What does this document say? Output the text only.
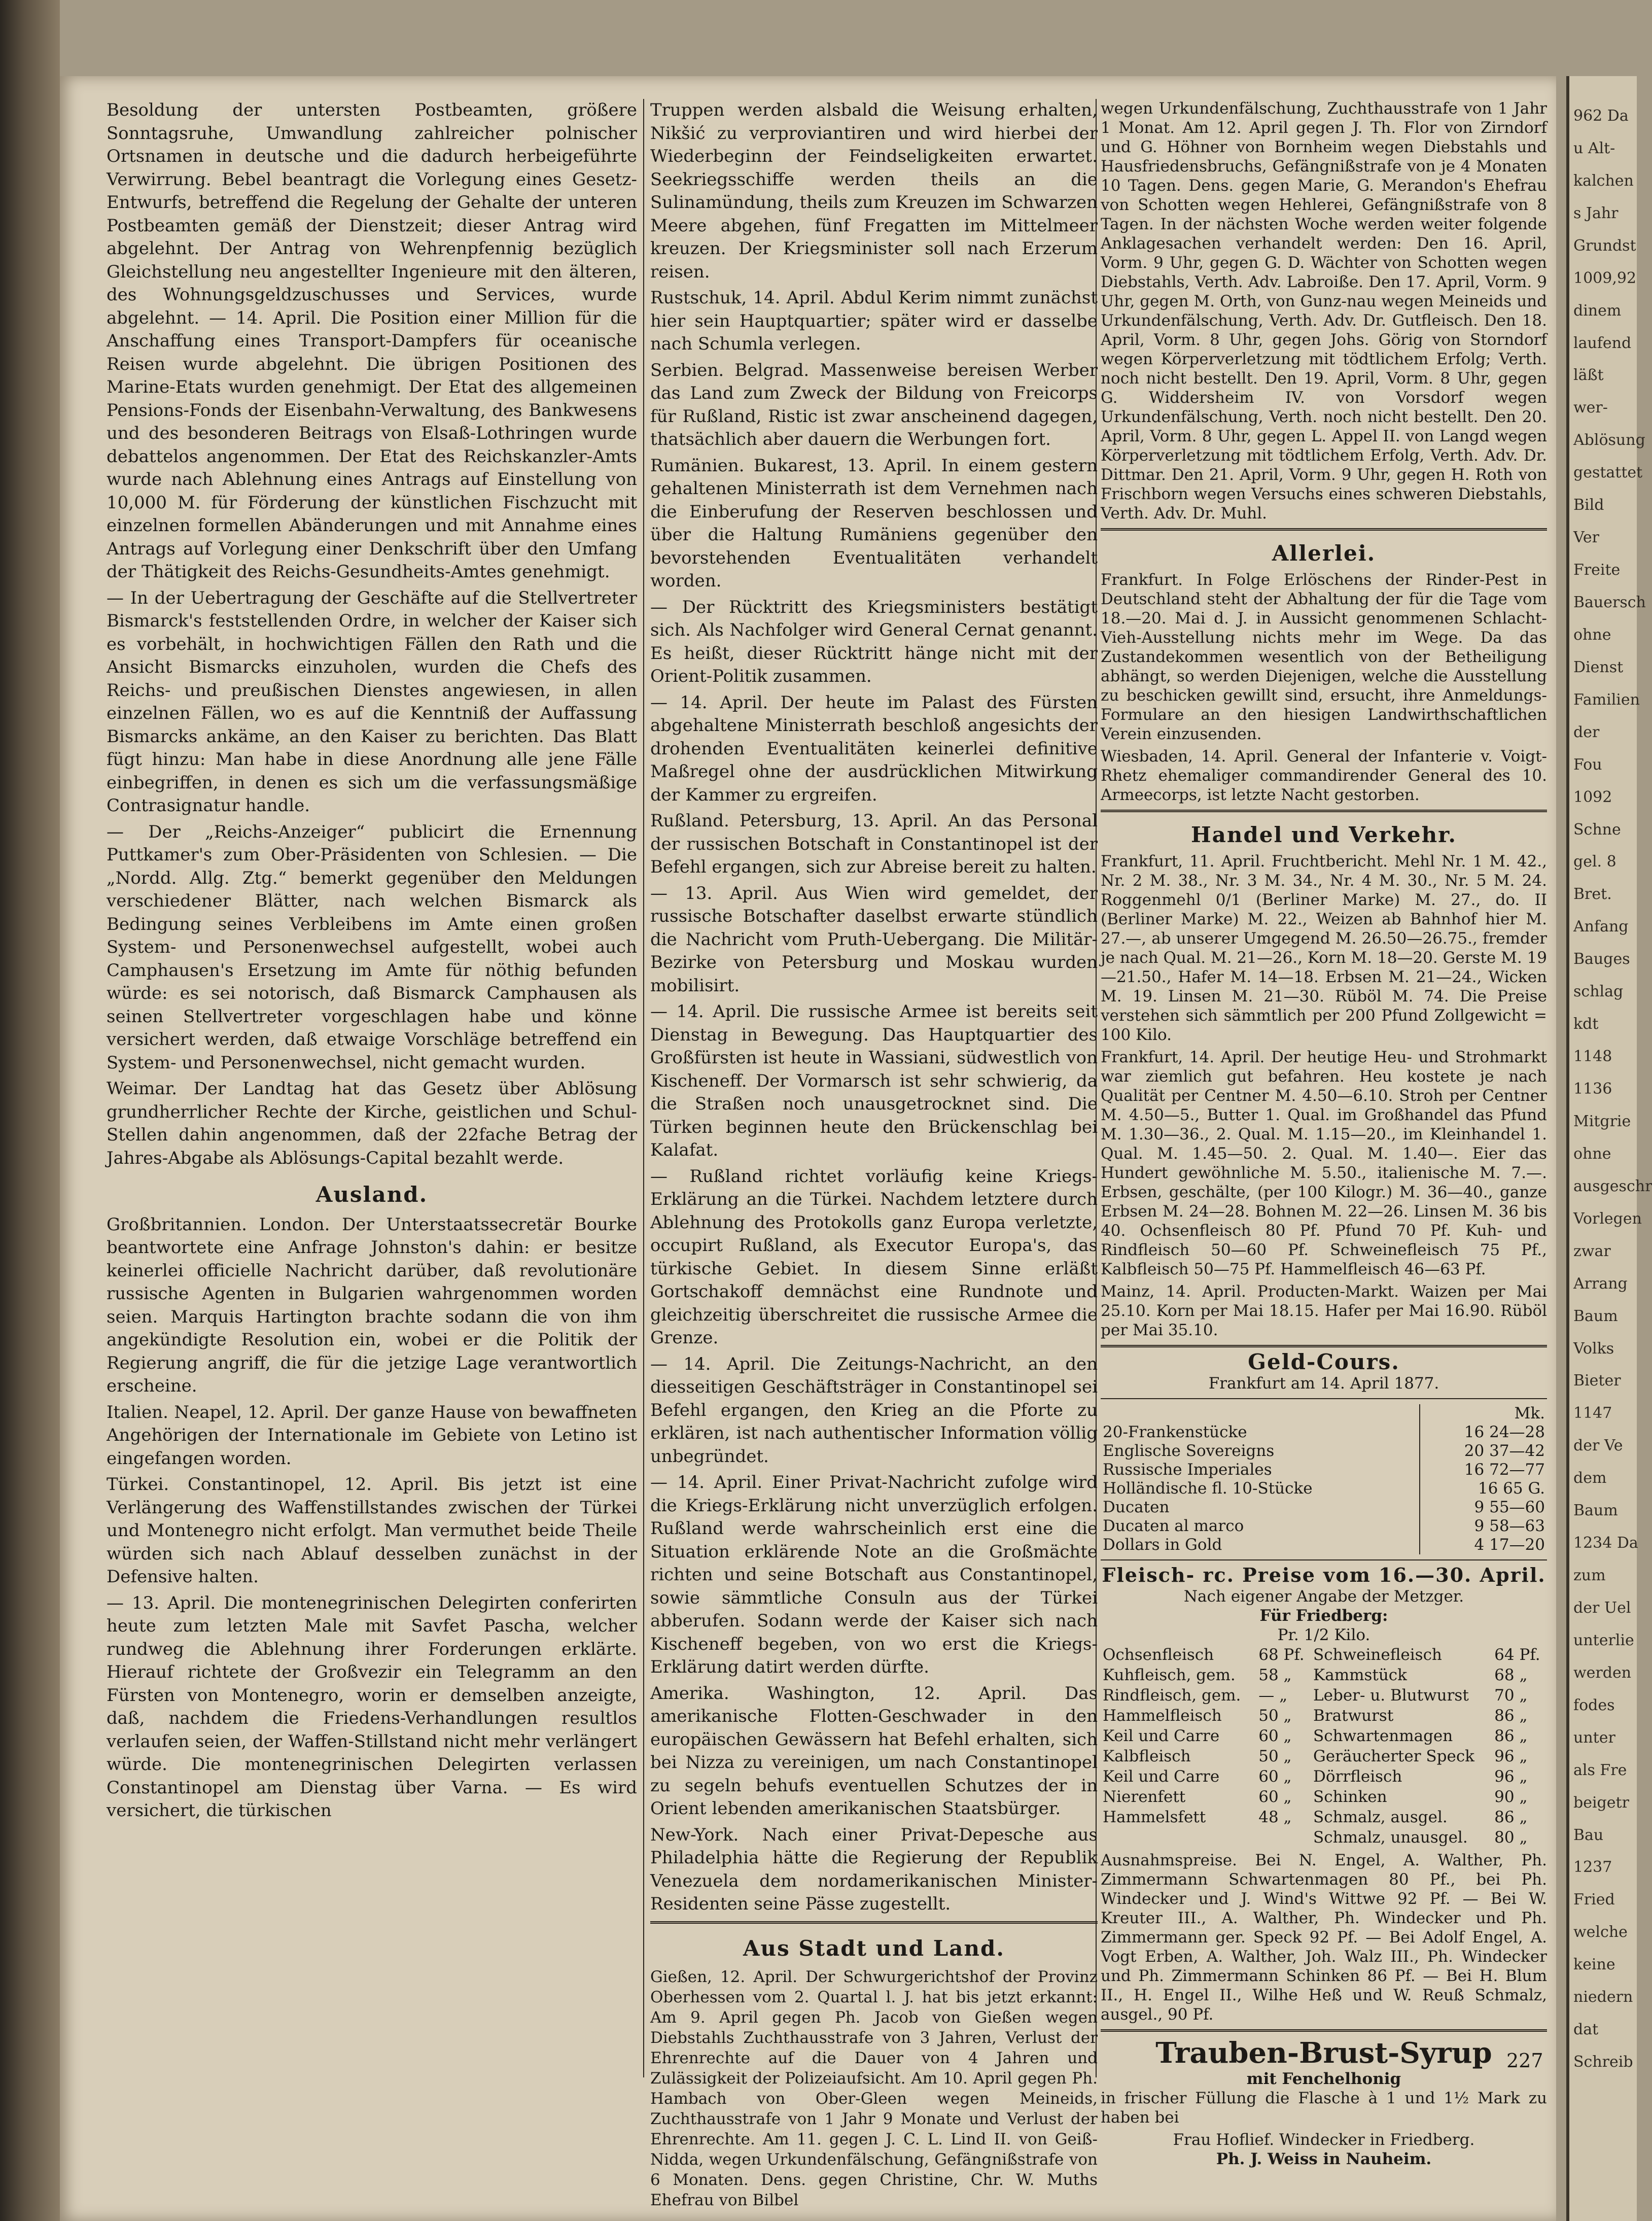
Besoldung der untersten Postbeamten, größere Sonntagsruhe, Umwandlung zahlreicher polnischer Ortsnamen in deutsche und die dadurch herbeigeführte Verwirrung. Bebel beantragt die Vorlegung eines Gesetz-Entwurfs, betreffend die Regelung der Gehalte der unteren Postbeamten gemäß der Dienstzeit; dieser Antrag wird abgelehnt. Der Antrag von Wehrenpfennig bezüglich Gleichstellung neu angestellter Ingenieure mit den älteren, des Wohnungsgeldzuschusses und Services, wurde abgelehnt. — 14. April. Die Position einer Million für die Anschaffung eines Transport-Dampfers für oceanische Reisen wurde abgelehnt. Die übrigen Positionen des Marine-Etats wurden genehmigt. Der Etat des allgemeinen Pensions-Fonds der Eisenbahn-Verwaltung, des Bankwesens und des besonderen Beitrags von Elsaß-Lothringen wurde debattelos angenommen. Der Etat des Reichskanzler-Amts wurde nach Ablehnung eines Antrags auf Einstellung von 10,000 M. für Förderung der künstlichen Fischzucht mit einzelnen formellen Abänderungen und mit Annahme eines Antrags auf Vorlegung einer Denkschrift über den Umfang der Thätigkeit des Reichs-Gesundheits-Amtes genehmigt.

— In der Uebertragung der Geschäfte auf die Stellvertreter Bismarck's feststellenden Ordre, in welcher der Kaiser sich es vorbehält, in hochwichtigen Fällen den Rath und die Ansicht Bismarcks einzuholen, wurden die Chefs des Reichs- und preußischen Dienstes angewiesen, in allen einzelnen Fällen, wo es auf die Kenntniß der Auffassung Bismarcks ankäme, an den Kaiser zu berichten. Das Blatt fügt hinzu: Man habe in diese Anordnung alle jene Fälle einbegriffen, in denen es sich um die verfassungsmäßige Contrasignatur handle.

— Der „Reichs-Anzeiger“ publicirt die Ernennung Puttkamer's zum Ober-Präsidenten von Schlesien. — Die „Nordd. Allg. Ztg.“ bemerkt gegenüber den Meldungen verschiedener Blätter, nach welchen Bismarck als Bedingung seines Verbleibens im Amte einen großen System- und Personenwechsel aufgestellt, wobei auch Camphausen's Ersetzung im Amte für nöthig befunden würde: es sei notorisch, daß Bismarck Camphausen als seinen Stellvertreter vorgeschlagen habe und könne versichert werden, daß etwaige Vorschläge betreffend ein System- und Personenwechsel, nicht gemacht wurden.

Weimar. Der Landtag hat das Gesetz über Ablösung grundherrlicher Rechte der Kirche, geistlichen und Schul-Stellen dahin angenommen, daß der 22fache Betrag der Jahres-Abgabe als Ablösungs-Capital bezahlt werde.

Ausland.

Großbritannien. London. Der Unterstaatssecretär Bourke beantwortete eine Anfrage Johnston's dahin: er besitze keinerlei officielle Nachricht darüber, daß revolutionäre russische Agenten in Bulgarien wahrgenommen worden seien. Marquis Hartington brachte sodann die von ihm angekündigte Resolution ein, wobei er die Politik der Regierung angriff, die für die jetzige Lage verantwortlich erscheine.

Italien. Neapel, 12. April. Der ganze Hause von bewaffneten Angehörigen der Internationale im Gebiete von Letino ist eingefangen worden.

Türkei. Constantinopel, 12. April. Bis jetzt ist eine Verlängerung des Waffenstillstandes zwischen der Türkei und Montenegro nicht erfolgt. Man vermuthet beide Theile würden sich nach Ablauf desselben zunächst in der Defensive halten.

— 13. April. Die montenegrinischen Delegirten conferirten heute zum letzten Male mit Savfet Pascha, welcher rundweg die Ablehnung ihrer Forderungen erklärte. Hierauf richtete der Großvezir ein Telegramm an den Fürsten von Montenegro, worin er demselben anzeigte, daß, nachdem die Friedens-Verhandlungen resultlos verlaufen seien, der Waffen-Stillstand nicht mehr verlängert würde. Die montenegrinischen Delegirten verlassen Constantinopel am Dienstag über Varna. — Es wird versichert, die türkischen

Truppen werden alsbald die Weisung erhalten, Nikšić zu verproviantiren und wird hierbei der Wiederbeginn der Feindseligkeiten erwartet. Seekriegsschiffe werden theils an die Sulinamündung, theils zum Kreuzen im Schwarzen Meere abgehen, fünf Fregatten im Mittelmeer kreuzen. Der Kriegsminister soll nach Erzerum reisen.

Rustschuk, 14. April. Abdul Kerim nimmt zunächst hier sein Hauptquartier; später wird er dasselbe nach Schumla verlegen.

Serbien. Belgrad. Massenweise bereisen Werber das Land zum Zweck der Bildung von Freicorps für Rußland, Ristic ist zwar anscheinend dagegen, thatsächlich aber dauern die Werbungen fort.

Rumänien. Bukarest, 13. April. In einem gestern gehaltenen Ministerrath ist dem Vernehmen nach die Einberufung der Reserven beschlossen und über die Haltung Rumäniens gegenüber den bevorstehenden Eventualitäten verhandelt worden.

— Der Rücktritt des Kriegsministers bestätigt sich. Als Nachfolger wird General Cernat genannt. Es heißt, dieser Rücktritt hänge nicht mit der Orient-Politik zusammen.

— 14. April. Der heute im Palast des Fürsten abgehaltene Ministerrath beschloß angesichts der drohenden Eventualitäten keinerlei definitive Maßregel ohne der ausdrücklichen Mitwirkung der Kammer zu ergreifen.

Rußland. Petersburg, 13. April. An das Personal der russischen Botschaft in Constantinopel ist der Befehl ergangen, sich zur Abreise bereit zu halten.

— 13. April. Aus Wien wird gemeldet, der russische Botschafter daselbst erwarte stündlich die Nachricht vom Pruth-Uebergang. Die Militär-Bezirke von Petersburg und Moskau wurden mobilisirt.

— 14. April. Die russische Armee ist bereits seit Dienstag in Bewegung. Das Hauptquartier des Großfürsten ist heute in Wassiani, südwestlich von Kischeneff. Der Vormarsch ist sehr schwierig, da die Straßen noch unausgetrocknet sind. Die Türken beginnen heute den Brückenschlag bei Kalafat.

— Rußland richtet vorläufig keine Kriegs-Erklärung an die Türkei. Nachdem letztere durch Ablehnung des Protokolls ganz Europa verletzte, occupirt Rußland, als Executor Europa's, das türkische Gebiet. In diesem Sinne erläßt Gortschakoff demnächst eine Rundnote und gleichzeitig überschreitet die russische Armee die Grenze.

— 14. April. Die Zeitungs-Nachricht, an den diesseitigen Geschäftsträger in Constantinopel sei Befehl ergangen, den Krieg an die Pforte zu erklären, ist nach authentischer Information völlig unbegründet.

— 14. April. Einer Privat-Nachricht zufolge wird die Kriegs-Erklärung nicht unverzüglich erfolgen. Rußland werde wahrscheinlich erst eine die Situation erklärende Note an die Großmächte richten und seine Botschaft aus Constantinopel, sowie sämmtliche Consuln aus der Türkei abberufen. Sodann werde der Kaiser sich nach Kischeneff begeben, von wo erst die Kriegs-Erklärung datirt werden dürfte.

Amerika. Washington, 12. April. Das amerikanische Flotten-Geschwader in den europäischen Gewässern hat Befehl erhalten, sich bei Nizza zu vereinigen, um nach Constantinopel zu segeln behufs eventuellen Schutzes der in Orient lebenden amerikanischen Staatsbürger.

New-York. Nach einer Privat-Depesche aus Philadelphia hätte die Regierung der Republik Venezuela dem nordamerikanischen Minister-Residenten seine Pässe zugestellt.

Aus Stadt und Land.

Gießen, 12. April. Der Schwurgerichtshof der Provinz Oberhessen vom 2. Quartal l. J. hat bis jetzt erkannt: Am 9. April gegen Ph. Jacob von Gießen wegen Diebstahls Zuchthausstrafe von 3 Jahren, Verlust der Ehrenrechte auf die Dauer von 4 Jahren und Zulässigkeit der Polizeiaufsicht. Am 10. April gegen Ph. Hambach von Ober-Gleen wegen Meineids, Zuchthausstrafe von 1 Jahr 9 Monate und Verlust der Ehrenrechte. Am 11. gegen J. C. L. Lind II. von Geiß-Nidda, wegen Urkundenfälschung, Gefängnißstrafe von 6 Monaten. Dens. gegen Christine, Chr. W. Muths Ehefrau von Bilbel

wegen Urkundenfälschung, Zuchthausstrafe von 1 Jahr 1 Monat. Am 12. April gegen J. Th. Flor von Zirndorf und G. Höhner von Bornheim wegen Diebstahls und Hausfriedensbruchs, Gefängnißstrafe von je 4 Monaten 10 Tagen. Dens. gegen Marie, G. Merandon's Ehefrau von Schotten wegen Hehlerei, Gefängnißstrafe von 8 Tagen. In der nächsten Woche werden weiter folgende Anklagesachen verhandelt werden: Den 16. April, Vorm. 9 Uhr, gegen G. D. Wächter von Schotten wegen Diebstahls, Verth. Adv. Labroiße. Den 17. April, Vorm. 9 Uhr, gegen M. Orth, von Gunz-nau wegen Meineids und Urkundenfälschung, Verth. Adv. Dr. Gutfleisch. Den 18. April, Vorm. 8 Uhr, gegen Johs. Görig von Storndorf wegen Körperverletzung mit tödtlichem Erfolg; Verth. noch nicht bestellt. Den 19. April, Vorm. 8 Uhr, gegen G. Widdersheim IV. von Vorsdorf wegen Urkundenfälschung, Verth. noch nicht bestellt. Den 20. April, Vorm. 8 Uhr, gegen L. Appel II. von Langd wegen Körperverletzung mit tödtlichem Erfolg, Verth. Adv. Dr. Dittmar. Den 21. April, Vorm. 9 Uhr, gegen H. Roth von Frischborn wegen Versuchs eines schweren Diebstahls, Verth. Adv. Dr. Muhl.

Allerlei.

Frankfurt. In Folge Erlöschens der Rinder-Pest in Deutschland steht der Abhaltung der für die Tage vom 18.—20. Mai d. J. in Aussicht genommenen Schlacht-Vieh-Ausstellung nichts mehr im Wege. Da das Zustandekommen wesentlich von der Betheiligung abhängt, so werden Diejenigen, welche die Ausstellung zu beschicken gewillt sind, ersucht, ihre Anmeldungs-Formulare an den hiesigen Landwirthschaftlichen Verein einzusenden.

Wiesbaden, 14. April. General der Infanterie v. Voigt-Rhetz ehemaliger commandirender General des 10. Armeecorps, ist letzte Nacht gestorben.

Handel und Verkehr.

Frankfurt, 11. April. Fruchtbericht. Mehl Nr. 1 M. 42., Nr. 2 M. 38., Nr. 3 M. 34., Nr. 4 M. 30., Nr. 5 M. 24. Roggenmehl 0/1 (Berliner Marke) M. 27., do. II (Berliner Marke) M. 22., Weizen ab Bahnhof hier M. 27.—, ab unserer Umgegend M. 26.50—26.75., fremder je nach Qual. M. 21—26., Korn M. 18—20. Gerste M. 19—21.50., Hafer M. 14—18. Erbsen M. 21—24., Wicken M. 19. Linsen M. 21—30. Rüböl M. 74. Die Preise verstehen sich sämmtlich per 200 Pfund Zollgewicht = 100 Kilo.

Frankfurt, 14. April. Der heutige Heu- und Strohmarkt war ziemlich gut befahren. Heu kostete je nach Qualität per Centner M. 4.50—6.10. Stroh per Centner M. 4.50—5., Butter 1. Qual. im Großhandel das Pfund M. 1.30—36., 2. Qual. M. 1.15—20., im Kleinhandel 1. Qual. M. 1.45—50. 2. Qual. M. 1.40—. Eier das Hundert gewöhnliche M. 5.50., italienische M. 7.—. Erbsen, geschälte, (per 100 Kilogr.) M. 36—40., ganze Erbsen M. 24—28. Bohnen M. 22—26. Linsen M. 36 bis 40. Ochsenfleisch 80 Pf. Pfund 70 Pf. Kuh- und Rindfleisch 50—60 Pf. Schweinefleisch 75 Pf., Kalbfleisch 50—75 Pf. Hammelfleisch 46—63 Pf.

Mainz, 14. April. Producten-Markt. Waizen per Mai 25.10. Korn per Mai 18.15. Hafer per Mai 16.90. Rüböl per Mai 35.10.

Geld-Cours.
Frankfurt am 14. April 1877.
	Mk.
20-Frankenstücke	16 24—28
Englische Sovereigns	20 37—42
Russische Imperiales	16 72—77
Holländische fl. 10-Stücke	16 65 G.
Ducaten	9 55—60
Ducaten al marco	9 58—63
Dollars in Gold	4 17—20
Fleisch- rc. Preise vom 16.—30. April.
Nach eigener Angabe der Metzger.
Für Friedberg:
Pr. 1/2 Kilo.
Ochsenfleisch	68 Pf.	Schweinefleisch	64 Pf.
Kuhfleisch, gem.	58 „	Kammstück	68 „
Rindfleisch, gem.	— „	Leber- u. Blutwurst	70 „
Hammelfleisch	50 „	Bratwurst	86 „
Keil und Carre	60 „	Schwartenmagen	86 „
Kalbfleisch	50 „	Geräucherter Speck	96 „
Keil und Carre	60 „	Dörrfleisch	96 „
Nierenfett	60 „	Schinken	90 „
Hammelsfett	48 „	Schmalz, ausgel.	86 „
		Schmalz, unausgel.	80 „

Ausnahmspreise. Bei N. Engel, A. Walther, Ph. Zimmermann Schwartenmagen 80 Pf., bei Ph. Windecker und J. Wind's Wittwe 92 Pf. — Bei W. Kreuter III., A. Walther, Ph. Windecker und Ph. Zimmermann ger. Speck 92 Pf. — Bei Adolf Engel, A. Vogt Erben, A. Walther, Joh. Walz III., Ph. Windecker und Ph. Zimmermann Schinken 86 Pf. — Bei H. Blum II., H. Engel II., Wilhe Heß und W. Reuß Schmalz, ausgel., 90 Pf.

Trauben-Brust-Syrup
mit Fenchelhonig

in frischer Füllung die Flasche à 1 und 1½ Mark zu haben bei

Frau Hoflief. Windecker in Friedberg.
Ph. J. Weiss in Nauheim.
227
962 Da
u Alt-
kalchen
s Jahr
Grundst
1009,92
dinem
laufend
läßt
wer-
Ablösung
gestattet
Bild
Ver
Freite
Bauersch
ohne
Dienst
Familien
der
Fou
1092
Schne
gel. 8
Bret.
Anfang
Bauges
schlag
kdt
1148
1136
Mitgrie
ohne
ausgeschr
Vorlegen
zwar
Arrang
Baum
Volks
Bieter
1147
der Ve
dem
Baum
1234 Da
zum
der Uel
unterlie
werden
fodes
unter
als Fre
beigetr
Bau
1237
Fried
welche
keine
niedern
dat
Schreib
